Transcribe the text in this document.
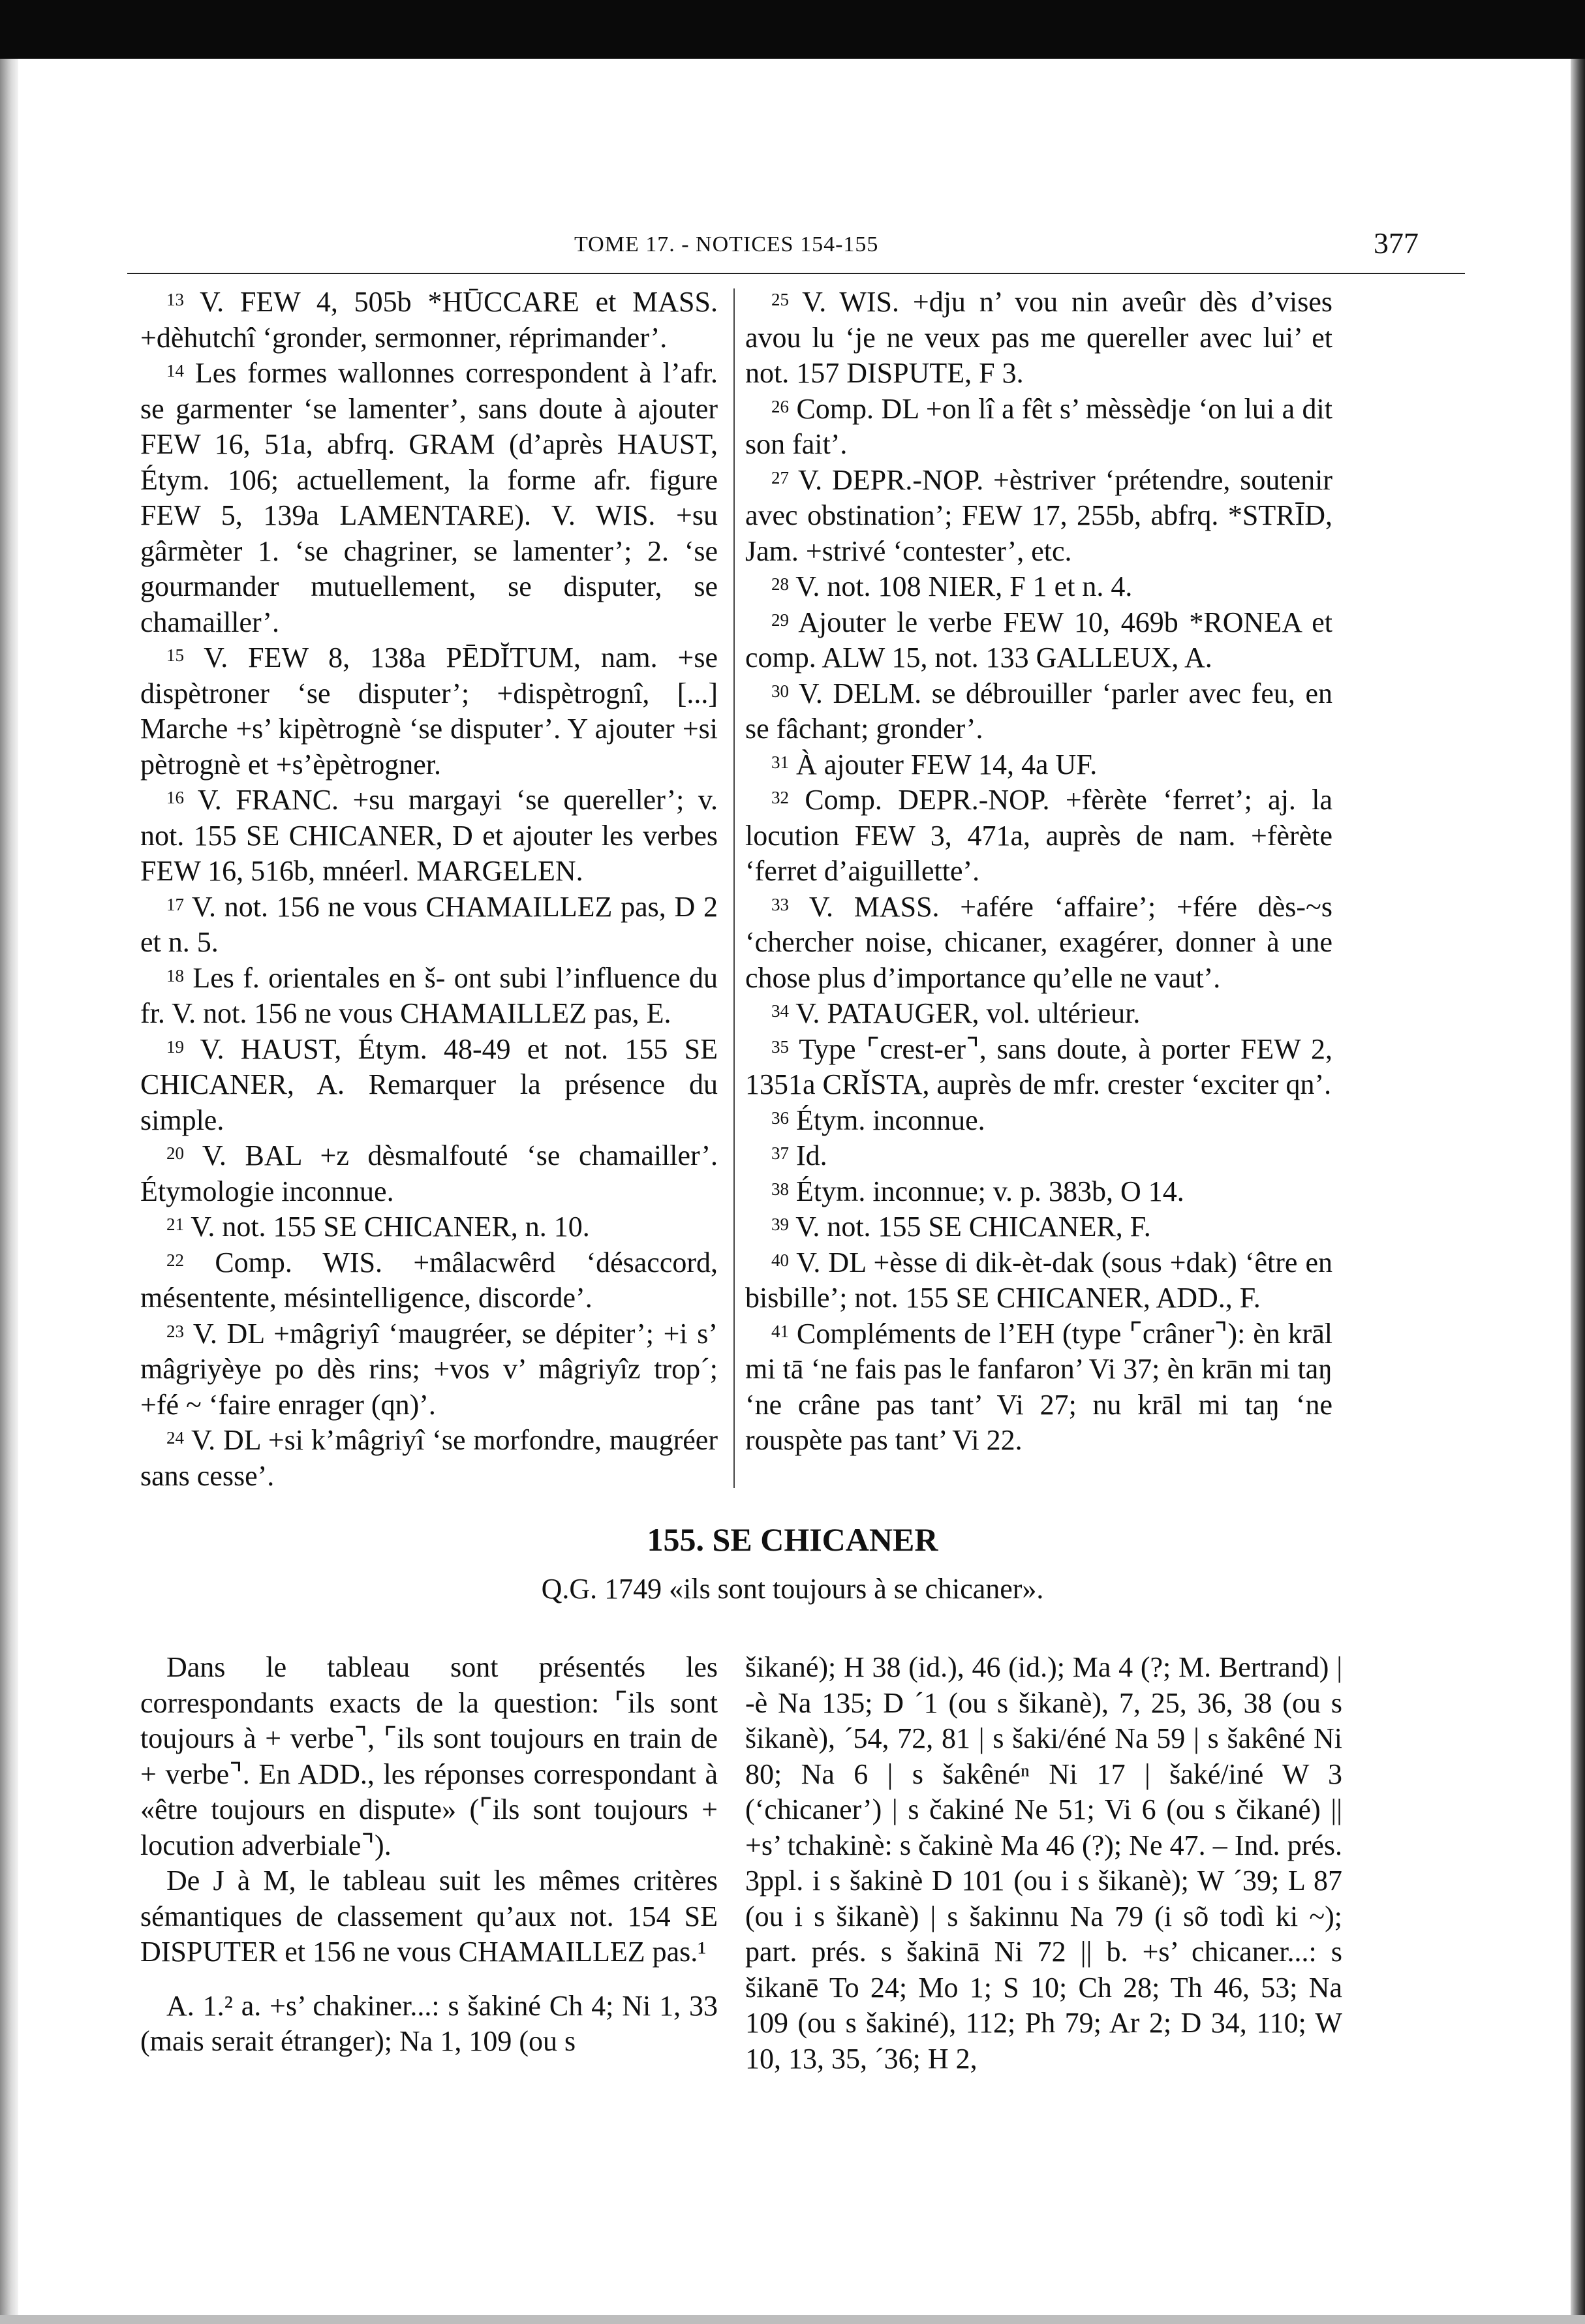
TOME 17. - NOTICES 154-155	377

$^{13}$ V. FEW 4, 505b *HŪCCARE et MASS. +dèhutchî ‘gronder, sermonner, réprimander’.

$^{14}$ Les formes wallonnes correspondent à l’afr. se garmenter ‘se lamenter’, sans doute à ajouter FEW 16, 51a, abfrq. GRAM (d’après HAUST, Étym. 106; actuellement, la forme afr. figure FEW 5, 139a LAMENTARE). V. WIS. +su gârmèter 1. ‘se chagriner, se lamenter’; 2. ‘se gourmander mutuellement, se disputer, se chamailler’.

$^{15}$ V. FEW 8, 138a PĒDĬTUM, nam. +se dispètroner ‘se disputer’; +dispètrognî, [...] Marche +s’ kipètrognè ‘se disputer’. Y ajouter +si pètrognè et +s’èpètrogner.

$^{16}$ V. FRANC. +su margayi ‘se quereller’; v. not. 155 SE CHICANER, D et ajouter les verbes FEW 16, 516b, mnéerl. MARGELEN.

$^{17}$ V. not. 156 ne vous CHAMAILLEZ pas, D 2 et n. 5.

$^{18}$ Les f. orientales en š- ont subi l’influence du fr. V. not. 156 ne vous CHAMAILLEZ pas, E.

$^{19}$ V. HAUST, Étym. 48-49 et not. 155 SE CHICANER, A. Remarquer la présence du simple.

$^{20}$ V. BAL +z dèsmalfouté ‘se chamailler’. Étymologie inconnue.

$^{21}$ V. not. 155 SE CHICANER, n. 10.

$^{22}$ Comp. WIS. +mâlacwêrd ‘désaccord, mésentente, mésintelligence, discorde’.

$^{23}$ V. DL +mâgriyî ‘maugréer, se dépiter’; +i s’ mâgriyèye po dès rins; +vos v’ mâgriyîz trop´; +fé ~ ‘faire enrager (qn)’.

$^{24}$ V. DL +si k’mâgriyî ‘se morfondre, maugréer sans cesse’.

$^{25}$ V. WIS. +dju n’ vou nin aveûr dès d’vises avou lu ‘je ne veux pas me quereller avec lui’ et not. 157 DISPUTE, F 3.

$^{26}$ Comp. DL +on lî a fêt s’ mèssèdje ‘on lui a dit son fait’.

$^{27}$ V. DEPR.-NOP. +èstriver ‘prétendre, soutenir avec obstination’; FEW 17, 255b, abfrq. *STRĪD, Jam. +strivé ‘contester’, etc.

$^{28}$ V. not. 108 NIER, F 1 et n. 4.

$^{29}$ Ajouter le verbe FEW 10, 469b *RONEA et comp. ALW 15, not. 133 GALLEUX, A.

$^{30}$ V. DELM. se débrouiller ‘parler avec feu, en se fâchant; gronder’.

$^{31}$ À ajouter FEW 14, 4a UF.

$^{32}$ Comp. DEPR.-NOP. +fèrète ‘ferret’; aj. la locution FEW 3, 471a, auprès de nam. +fèrète ‘ferret d’aiguillette’.

$^{33}$ V. MASS. +afére ‘affaire’; +fére dès-~s ‘chercher noise, chicaner, exagérer, donner à une chose plus d’importance qu’elle ne vaut’.

$^{34}$ V. PATAUGER, vol. ultérieur.

$^{35}$ Type ⌜crest-er⌝, sans doute, à porter FEW 2, 1351a CRĬSTA, auprès de mfr. crester ‘exciter qn’.

$^{36}$ Étym. inconnue.

$^{37}$ Id.

$^{38}$ Étym. inconnue; v. p. 383b, O 14.

$^{39}$ V. not. 155 SE CHICANER, F.

$^{40}$ V. DL +èsse di dik-èt-dak (sous +dak) ‘être en bisbille’; not. 155 SE CHICANER, ADD., F.

$^{41}$ Compléments de l’EH (type ⌜crâner⌝): èn krāl mi tā ‘ne fais pas le fanfaron’ Vi 37; èn krān mi taŋ ‘ne crâne pas tant’ Vi 27; nu krāl mi taŋ ‘ne rouspète pas tant’ Vi 22.

155. SE CHICANER
Q.G. 1749 «ils sont toujours à se chicaner».

Dans le tableau sont présentés les correspondants exacts de la question: ⌜ils sont toujours à + verbe⌝, ⌜ils sont toujours en train de + verbe⌝. En ADD., les réponses correspondant à «être toujours en dispute» (⌜ils sont toujours + locution adverbiale⌝).

De J à M, le tableau suit les mêmes critères sémantiques de classement qu’aux not. 154 SE DISPUTER et 156 ne vous CHAMAILLEZ pas.¹

A. 1.² a. +s’ chakiner...: s šakiné Ch 4; Ni 1, 33 (mais serait étranger); Na 1, 109 (ou s

šikané); H 38 (id.), 46 (id.); Ma 4 (?; M. Bertrand) | -è Na 135; D ´1 (ou s šikanè), 7, 25, 36, 38 (ou s šikanè), ´54, 72, 81 | s šaki/éné Na 59 | s šakêné Ni 80; Na 6 | s šakênéⁿ Ni 17 | šaké/iné W 3 (‘chicaner’) | s čakiné Ne 51; Vi 6 (ou s čikané) || +s’ tchakinè: s čakinè Ma 46 (?); Ne 47. – Ind. prés. 3ppl. i s šakinè D 101 (ou i s šikanè); W ´39; L 87 (ou i s šikanè) | s šakinnu Na 79 (i sõ todì ki ~); part. prés. s šakinā Ni 72 || b. +s’ chicaner...: s šikanē To 24; Mo 1; S 10; Ch 28; Th 46, 53; Na 109 (ou s šakiné), 112; Ph 79; Ar 2; D 34, 110; W 10, 13, 35, ´36; H 2,
